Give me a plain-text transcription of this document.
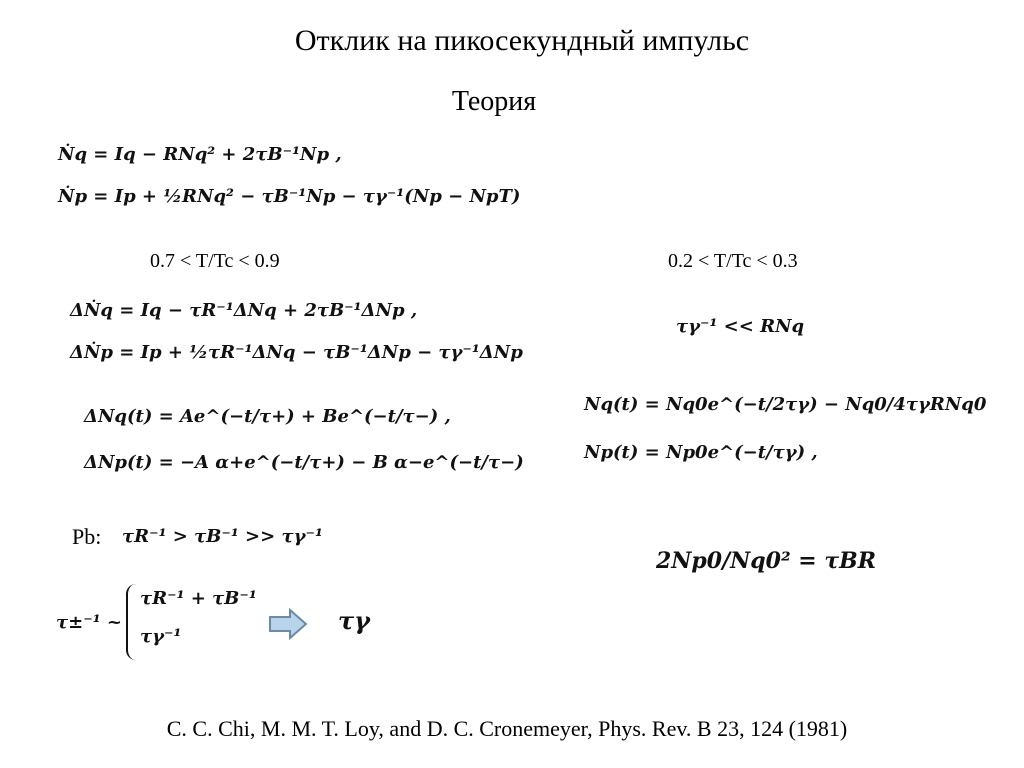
Отклик на пикосекундный импульс
Теория
Ṅq = Iq − RNq² + 2τB⁻¹Np ,
Ṅp = Ip + ½RNq² − τB⁻¹Np − τγ⁻¹(Np − NpT)
0.7 < T/Tc < 0.9	0.2 < T/Tc < 0.3
ΔṄq = Iq − τR⁻¹ΔNq + 2τB⁻¹ΔNp ,
ΔṄp = Ip + ½τR⁻¹ΔNq − τB⁻¹ΔNp − τγ⁻¹ΔNp
ΔNq(t) = Ae^(−t/τ+) + Be^(−t/τ−) ,
ΔNp(t) = −A α+e^(−t/τ+) − B α−e^(−t/τ−)
τγ⁻¹ << RNq
Nq(t) = Nq0e^(−t/2τγ) − Nq0/4τγRNq0
Np(t) = Np0e^(−t/τγ) ,
2Np0/Nq0² = τBR
Pb: τR⁻¹ > τB⁻¹ >> τγ⁻¹
τ±⁻¹ ~
τR⁻¹ + τB⁻¹
τγ⁻¹
τγ
C. C. Chi, M. M. T. Loy, and D. C. Cronemeyer, Phys. Rev. B 23, 124 (1981)
